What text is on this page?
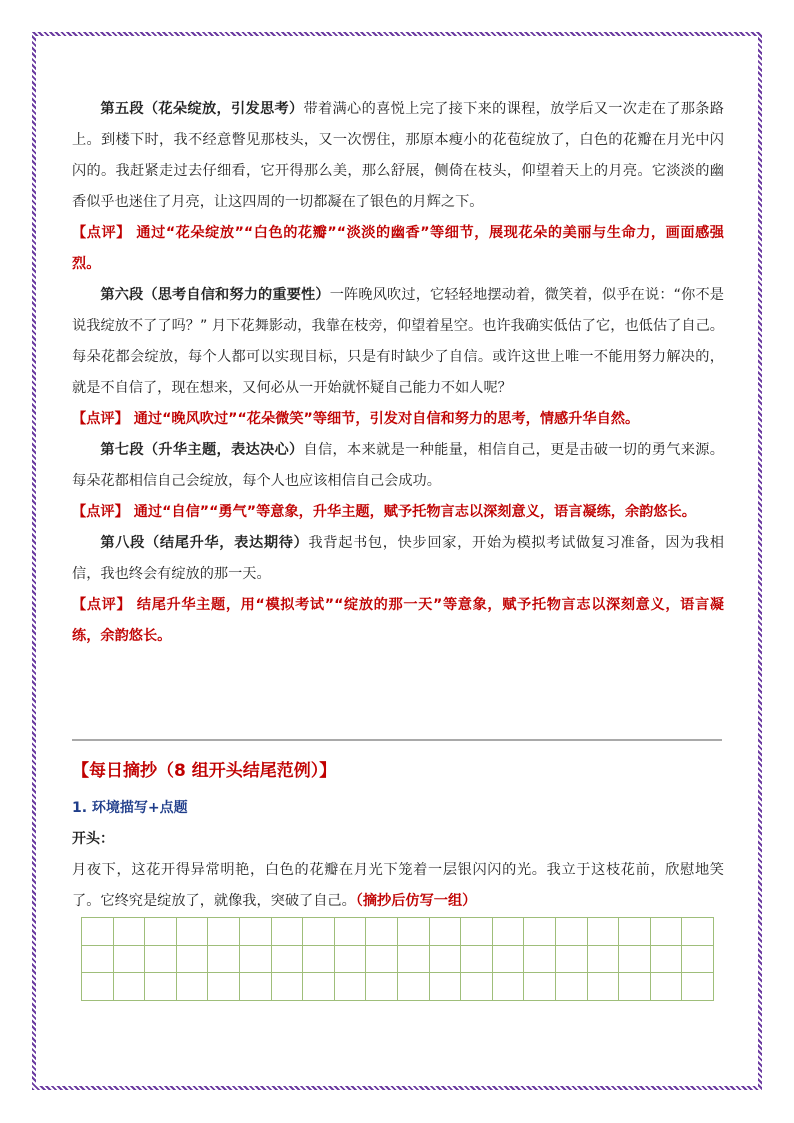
第五段（花朵绽放，引发思考）带着满心的喜悦上完了接下来的课程，放学后又一次走在了那条路上。到楼下时，我不经意瞥见那枝头，又一次愣住，那原本瘦小的花苞绽放了，白色的花瓣在月光中闪闪的。我赶紧走过去仔细看，它开得那么美，那么舒展，侧倚在枝头，仰望着天上的月亮。它淡淡的幽香似乎也迷住了月亮，让这四周的一切都凝在了银色的月辉之下。

【点评】 通过“花朵绽放”“白色的花瓣”“淡淡的幽香”等细节，展现花朵的美丽与生命力，画面感强烈。

第六段（思考自信和努力的重要性）一阵晚风吹过，它轻轻地摆动着，微笑着，似乎在说：“你不是说我绽放不了了吗？” 月下花舞影动，我靠在枝旁，仰望着星空。也许我确实低估了它，也低估了自己。每朵花都会绽放，每个人都可以实现目标，只是有时缺少了自信。或许这世上唯一不能用努力解决的，就是不自信了，现在想来，又何必从一开始就怀疑自己能力不如人呢？

【点评】 通过“晚风吹过”“花朵微笑”等细节，引发对自信和努力的思考，情感升华自然。

第七段（升华主题，表达决心）自信，本来就是一种能量，相信自己，更是击破一切的勇气来源。每朵花都相信自己会绽放，每个人也应该相信自己会成功。

【点评】 通过“自信”“勇气”等意象，升华主题，赋予托物言志以深刻意义，语言凝练，余韵悠长。

第八段（结尾升华，表达期待）我背起书包，快步回家，开始为模拟考试做复习准备，因为我相信，我也终会有绽放的那一天。

【点评】 结尾升华主题，用“模拟考试”“绽放的那一天”等意象，赋予托物言志以深刻意义，语言凝练，余韵悠长。

【每日摘抄（8 组开头结尾范例）】
1. 环境描写+点题
开头：

月夜下，这花开得异常明艳，白色的花瓣在月光下笼着一层银闪闪的光。我立于这枝花前，欣慰地笑了。它终究是绽放了，就像我，突破了自己。（摘抄后仿写一组）
